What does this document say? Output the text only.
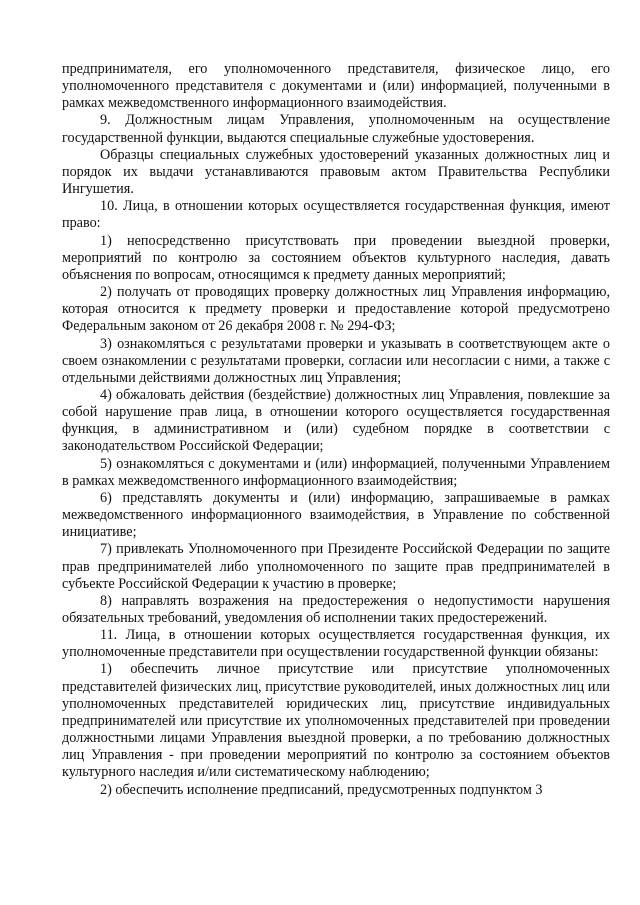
предпринимателя, его уполномоченного представителя, физическое лицо, его уполномоченного представителя с документами и (или) информацией, полученными в рамках межведомственного информационного взаимодействия.

9. Должностным лицам Управления, уполномоченным на осуществление государственной функции, выдаются специальные служебные удостоверения.

Образцы специальных служебных удостоверений указанных должностных лиц и порядок их выдачи устанавливаются правовым актом Правительства Республики Ингушетия.

10. Лица, в отношении которых осуществляется государственная функция, имеют право:

1) непосредственно присутствовать при проведении выездной проверки, мероприятий по контролю за состоянием объектов культурного наследия, давать объяснения по вопросам, относящимся к предмету данных мероприятий;

2) получать от проводящих проверку должностных лиц Управления информацию, которая относится к предмету проверки и предоставление которой предусмотрено Федеральным законом от 26 декабря 2008 г. № 294-ФЗ;

3) ознакомляться с результатами проверки и указывать в соответствующем акте о своем ознакомлении с результатами проверки, согласии или несогласии с ними, а также с отдельными действиями должностных лиц Управления;

4) обжаловать действия (бездействие) должностных лиц Управления, повлекшие за собой нарушение прав лица, в отношении которого осуществляется государственная функция, в административном и (или) судебном порядке в соответствии с законодательством Российской Федерации;

5) ознакомляться с документами и (или) информацией, полученными Управлением в рамках межведомственного информационного взаимодействия;

6) представлять документы и (или) информацию, запрашиваемые в рамках межведомственного информационного взаимодействия, в Управление по собственной инициативе;

7) привлекать Уполномоченного при Президенте Российской Федерации по защите прав предпринимателей либо уполномоченного по защите прав предпринимателей в субъекте Российской Федерации к участию в проверке;

8) направлять возражения на предостережения о недопустимости нарушения обязательных требований, уведомления об исполнении таких предостережений.

11. Лица, в отношении которых осуществляется государственная функция, их уполномоченные представители при осуществлении государственной функции обязаны:

1) обеспечить личное присутствие или присутствие уполномоченных представителей физических лиц, присутствие руководителей, иных должностных лиц или уполномоченных представителей юридических лиц, присутствие индивидуальных предпринимателей или присутствие их уполномоченных представителей при проведении должностными лицами Управления выездной проверки, а по требованию должностных лиц Управления - при проведении мероприятий по контролю за состоянием объектов культурного наследия и/или систематическому наблюдению;

2) обеспечить исполнение предписаний, предусмотренных подпунктом 3
